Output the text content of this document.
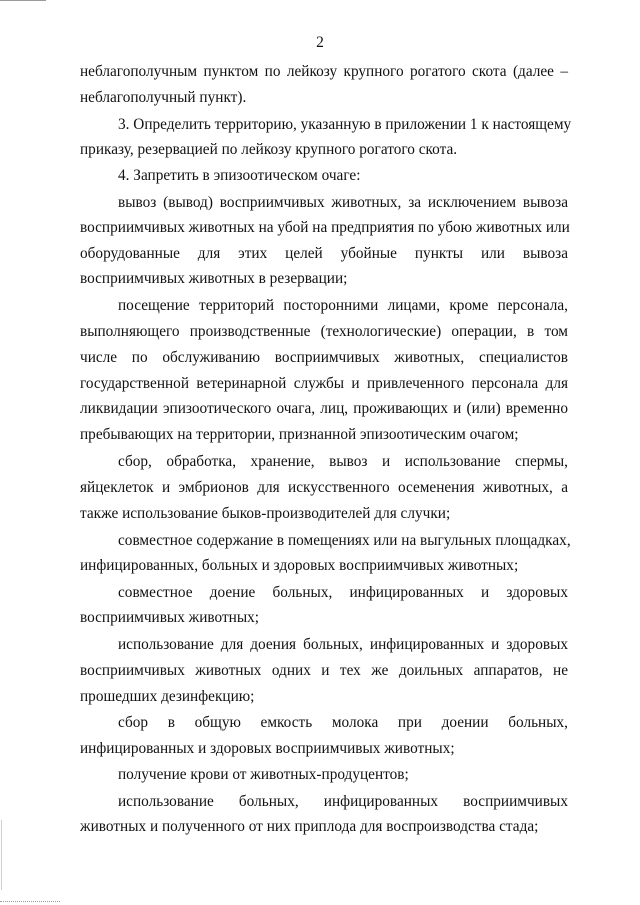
2
неблагополучным пунктом по лейкозу крупного рогатого скота (далее –
неблагополучный пункт).
3. Определить территорию, указанную в приложении 1 к настоящему
приказу, резервацией по лейкозу крупного рогатого скота.
4. Запретить в эпизоотическом очаге:
вывоз (вывод) восприимчивых животных, за исключением вывоза
восприимчивых животных на убой на предприятия по убою животных или
оборудованные для этих целей убойные пункты или вывоза
восприимчивых животных в резервации;
посещение территорий посторонними лицами, кроме персонала,
выполняющего производственные (технологические) операции, в том
числе по обслуживанию восприимчивых животных, специалистов
государственной ветеринарной службы и привлеченного персонала для
ликвидации эпизоотического очага, лиц, проживающих и (или) временно
пребывающих на территории, признанной эпизоотическим очагом;
сбор, обработка, хранение, вывоз и использование спермы,
яйцеклеток и эмбрионов для искусственного осеменения животных, а
также использование быков-производителей для случки;
совместное содержание в помещениях или на выгульных площадках,
инфицированных, больных и здоровых восприимчивых животных;
совместное доение больных, инфицированных и здоровых
восприимчивых животных;
использование для доения больных, инфицированных и здоровых
восприимчивых животных одних и тех же доильных аппаратов, не
прошедших дезинфекцию;
сбор в общую емкость молока при доении больных,
инфицированных и здоровых восприимчивых животных;
получение крови от животных-продуцентов;
использование больных, инфицированных восприимчивых
животных и полученного от них приплода для воспроизводства стада;
